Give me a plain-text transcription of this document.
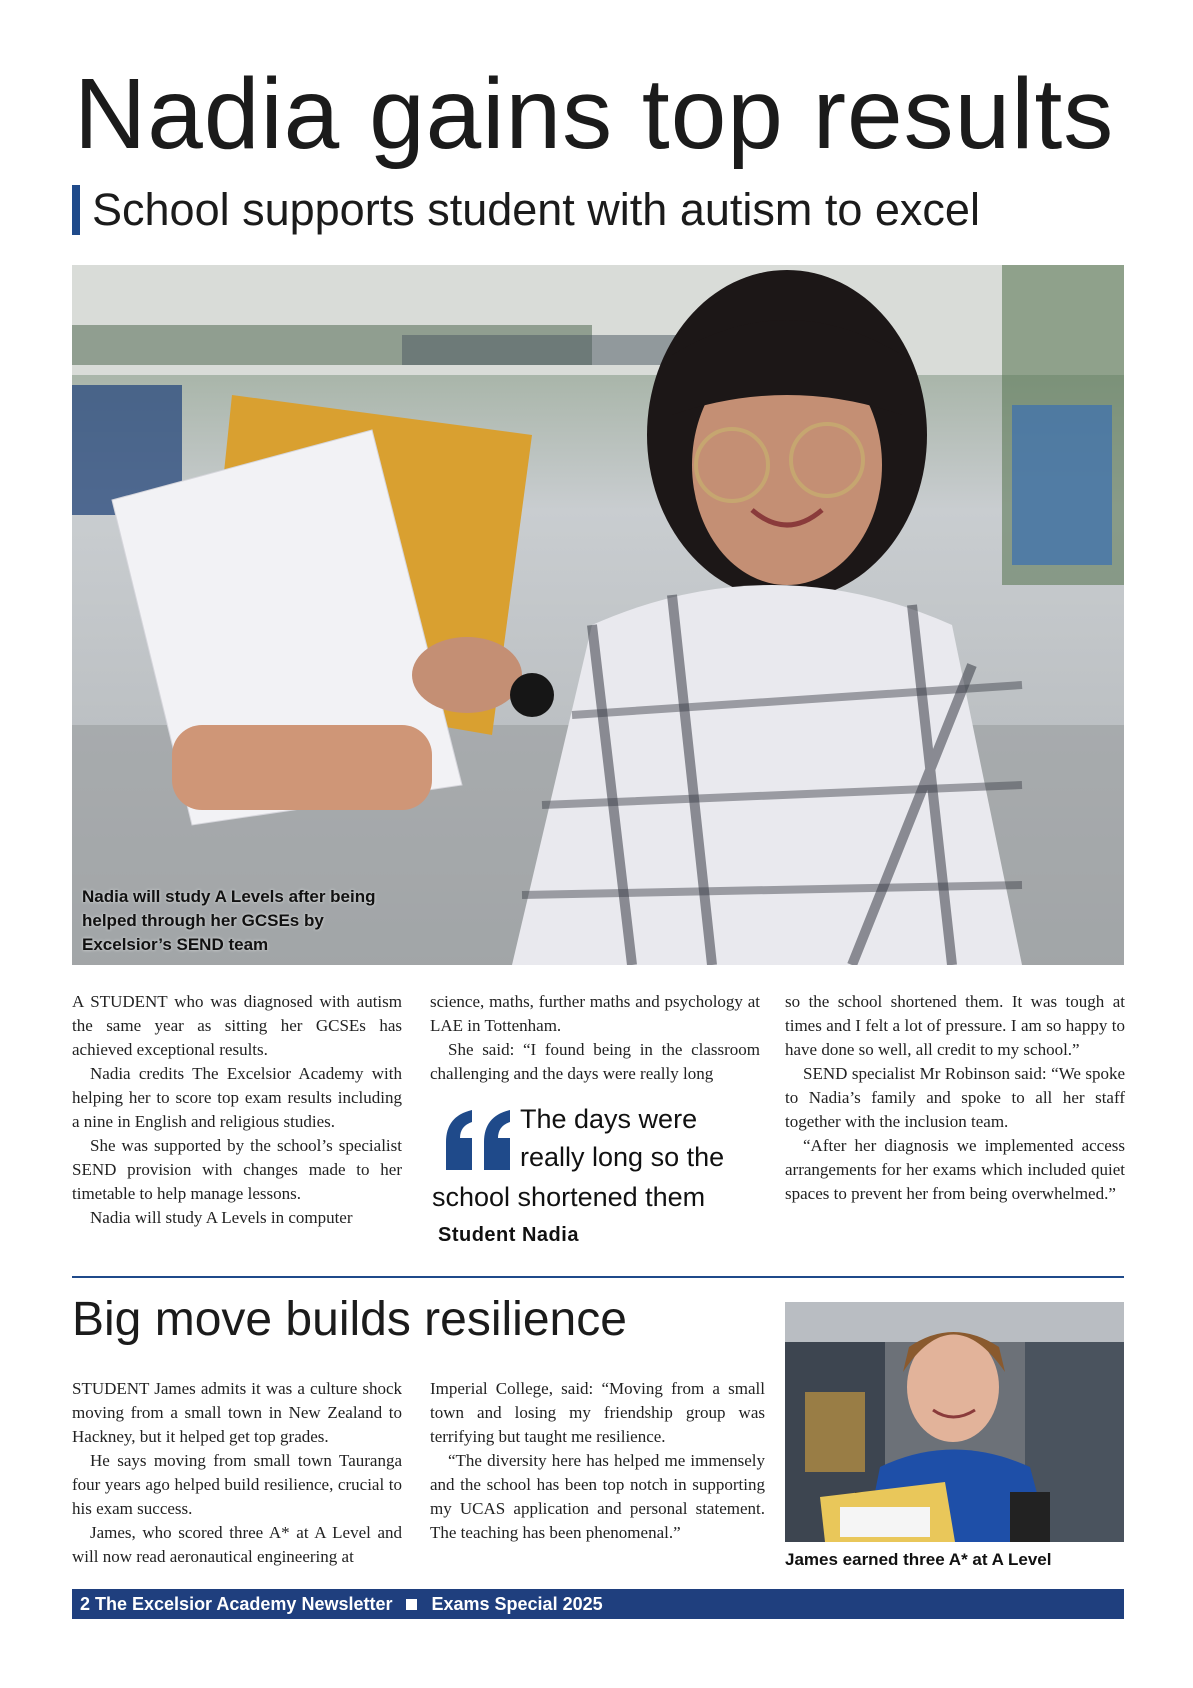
Nadia gains top results
School supports student with autism to excel
Nadia will study A Levels after being helped through her GCSEs by Excelsior’s SEND team

A STUDENT who was diagnosed with autism the same year as sitting her GCSEs has achieved exceptional results.

Nadia credits The Excelsior Academy with helping her to score top exam results including a nine in English and religious studies.

She was supported by the school’s specialist SEND provision with changes made to her timetable to help manage lessons.

Nadia will study A Levels in computer

science, maths, further maths and psychology at LAE in Tottenham.

She said: “I found being in the classroom challenging and the days were really long

The days were
really long so the
school shortened them
Student Nadia

so the school shortened them. It was tough at times and I felt a lot of pressure. I am so happy to have done so well, all credit to my school.”

SEND specialist Mr Robinson said: “We spoke to Nadia’s family and spoke to all her staff together with the inclusion team.

“After her diagnosis we implemented access arrangements for her exams which included quiet spaces to prevent her from being overwhelmed.”

Big move builds resilience

STUDENT James admits it was a culture shock moving from a small town in New Zealand to Hackney, but it helped get top grades.

He says moving from small town Tauranga four years ago helped build resilience, crucial to his exam success.

James, who scored three A* at A Level and will now read aeronautical engineering at

Imperial College, said: “Moving from a small town and losing my friendship group was terrifying but taught me resilience.

“The diversity here has helped me immensely and the school has been top notch in supporting my UCAS application and personal statement. The teaching has been phenomenal.”

James earned three A* at A Level
2 The Excelsior Academy Newsletter Exams Special 2025
